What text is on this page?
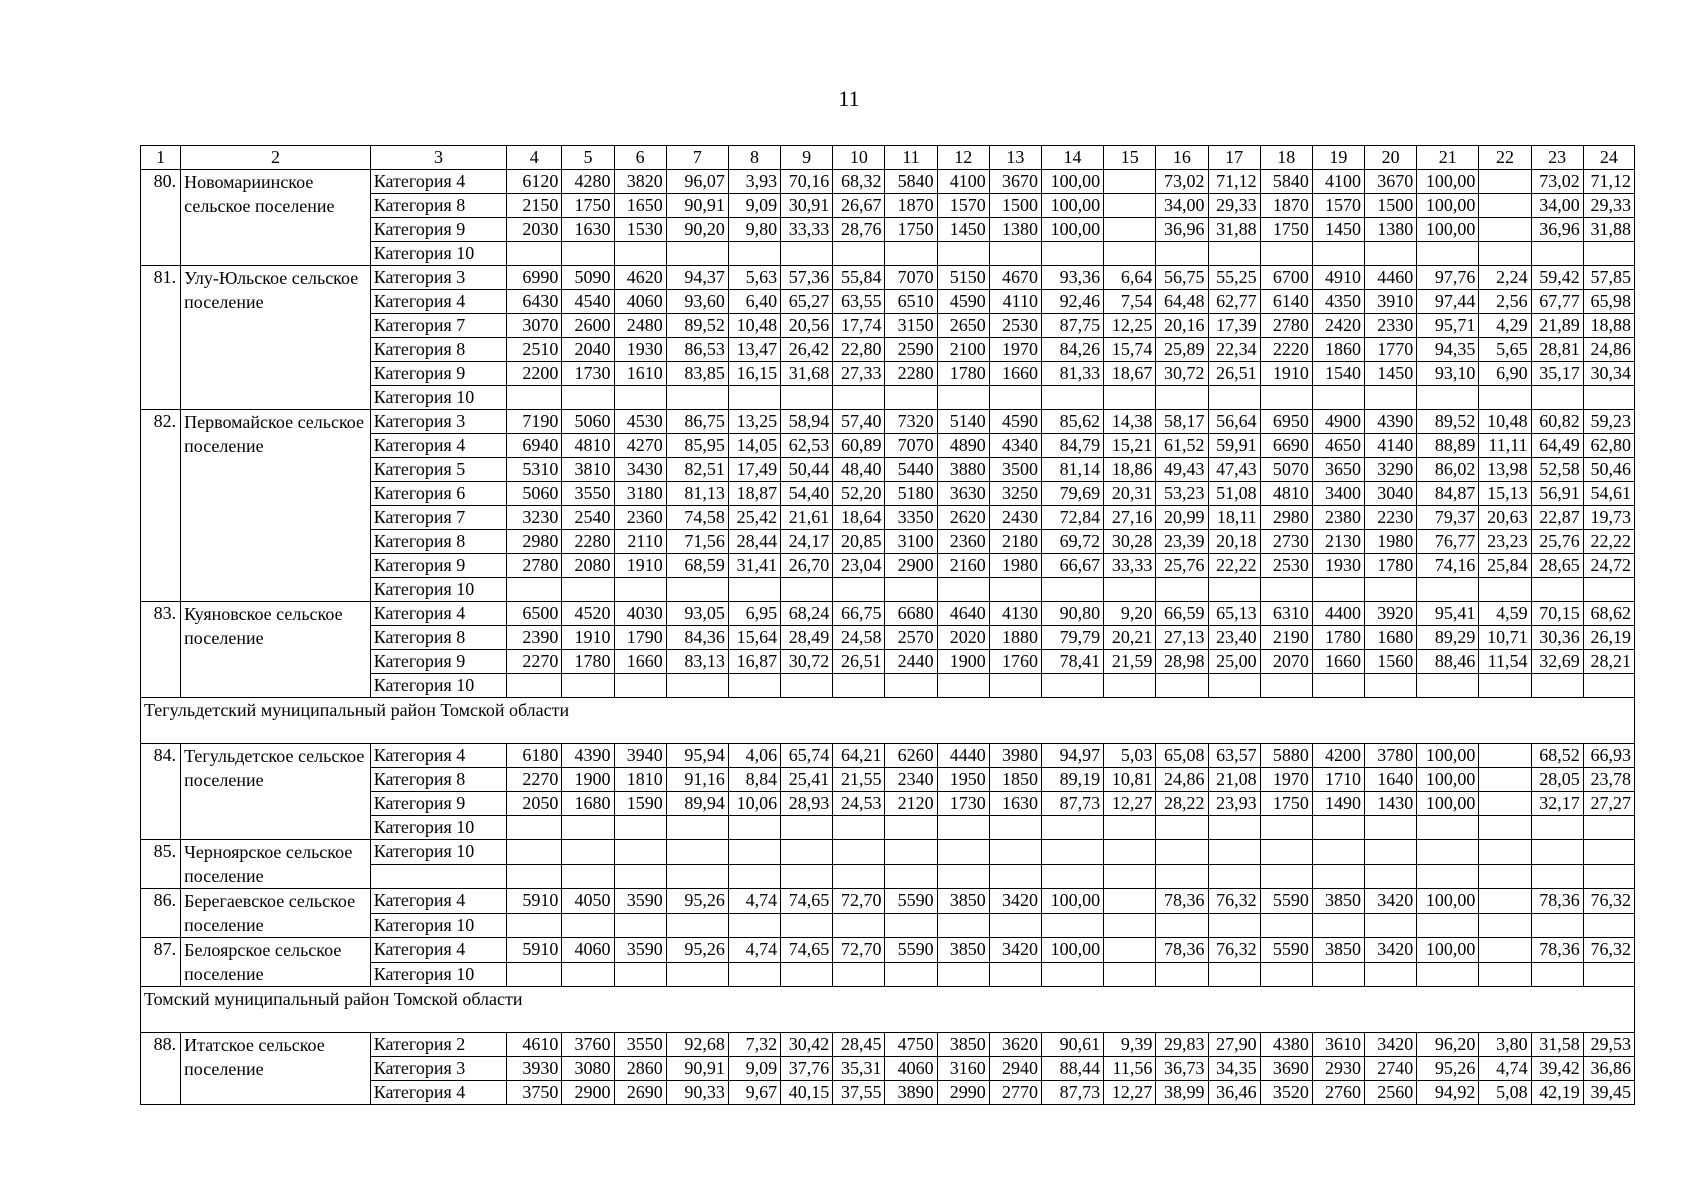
11
1	2	3	4	5	6	7	8	9	10	11	12	13	14	15	16	17	18	19	20	21	22	23	24
80.	Новомариинское сельское поселение	Категория 4	6120	4280	3820	96,07	3,93	70,16	68,32	5840	4100	3670	100,00		73,02	71,12	5840	4100	3670	100,00		73,02	71,12
		Категория 8	2150	1750	1650	90,91	9,09	30,91	26,67	1870	1570	1500	100,00		34,00	29,33	1870	1570	1500	100,00		34,00	29,33
		Категория 9	2030	1630	1530	90,20	9,80	33,33	28,76	1750	1450	1380	100,00		36,96	31,88	1750	1450	1380	100,00		36,96	31,88
		Категория 10																					
81.	Улу-Юльское сельское поселение	Категория 3	6990	5090	4620	94,37	5,63	57,36	55,84	7070	5150	4670	93,36	6,64	56,75	55,25	6700	4910	4460	97,76	2,24	59,42	57,85
		Категория 4	6430	4540	4060	93,60	6,40	65,27	63,55	6510	4590	4110	92,46	7,54	64,48	62,77	6140	4350	3910	97,44	2,56	67,77	65,98
		Категория 7	3070	2600	2480	89,52	10,48	20,56	17,74	3150	2650	2530	87,75	12,25	20,16	17,39	2780	2420	2330	95,71	4,29	21,89	18,88
		Категория 8	2510	2040	1930	86,53	13,47	26,42	22,80	2590	2100	1970	84,26	15,74	25,89	22,34	2220	1860	1770	94,35	5,65	28,81	24,86
		Категория 9	2200	1730	1610	83,85	16,15	31,68	27,33	2280	1780	1660	81,33	18,67	30,72	26,51	1910	1540	1450	93,10	6,90	35,17	30,34
		Категория 10																					
82.	Первомайское сельское поселение	Категория 3	7190	5060	4530	86,75	13,25	58,94	57,40	7320	5140	4590	85,62	14,38	58,17	56,64	6950	4900	4390	89,52	10,48	60,82	59,23
		Категория 4	6940	4810	4270	85,95	14,05	62,53	60,89	7070	4890	4340	84,79	15,21	61,52	59,91	6690	4650	4140	88,89	11,11	64,49	62,80
		Категория 5	5310	3810	3430	82,51	17,49	50,44	48,40	5440	3880	3500	81,14	18,86	49,43	47,43	5070	3650	3290	86,02	13,98	52,58	50,46
		Категория 6	5060	3550	3180	81,13	18,87	54,40	52,20	5180	3630	3250	79,69	20,31	53,23	51,08	4810	3400	3040	84,87	15,13	56,91	54,61
		Категория 7	3230	2540	2360	74,58	25,42	21,61	18,64	3350	2620	2430	72,84	27,16	20,99	18,11	2980	2380	2230	79,37	20,63	22,87	19,73
		Категория 8	2980	2280	2110	71,56	28,44	24,17	20,85	3100	2360	2180	69,72	30,28	23,39	20,18	2730	2130	1980	76,77	23,23	25,76	22,22
		Категория 9	2780	2080	1910	68,59	31,41	26,70	23,04	2900	2160	1980	66,67	33,33	25,76	22,22	2530	1930	1780	74,16	25,84	28,65	24,72
		Категория 10																					
83.	Куяновское сельское поселение	Категория 4	6500	4520	4030	93,05	6,95	68,24	66,75	6680	4640	4130	90,80	9,20	66,59	65,13	6310	4400	3920	95,41	4,59	70,15	68,62
		Категория 8	2390	1910	1790	84,36	15,64	28,49	24,58	2570	2020	1880	79,79	20,21	27,13	23,40	2190	1780	1680	89,29	10,71	30,36	26,19
		Категория 9	2270	1780	1660	83,13	16,87	30,72	26,51	2440	1900	1760	78,41	21,59	28,98	25,00	2070	1660	1560	88,46	11,54	32,69	28,21
		Категория 10																					
Тегульдетский муниципальный район Томской области																							
84.	Тегульдетское сельское поселение	Категория 4	6180	4390	3940	95,94	4,06	65,74	64,21	6260	4440	3980	94,97	5,03	65,08	63,57	5880	4200	3780	100,00		68,52	66,93
		Категория 8	2270	1900	1810	91,16	8,84	25,41	21,55	2340	1950	1850	89,19	10,81	24,86	21,08	1970	1710	1640	100,00		28,05	23,78
		Категория 9	2050	1680	1590	89,94	10,06	28,93	24,53	2120	1730	1630	87,73	12,27	28,22	23,93	1750	1490	1430	100,00		32,17	27,27
		Категория 10																					
85.	Черноярское сельское поселение	Категория 10																					

86.	Берегаевское сельское поселение	Категория 4	5910	4050	3590	95,26	4,74	74,65	72,70	5590	3850	3420	100,00		78,36	76,32	5590	3850	3420	100,00		78,36	76,32
		Категория 10																					
87.	Белоярское сельское поселение	Категория 4	5910	4060	3590	95,26	4,74	74,65	72,70	5590	3850	3420	100,00		78,36	76,32	5590	3850	3420	100,00		78,36	76,32
		Категория 10																					
Томский муниципальный район Томской области																							
88.	Итатское сельское поселение	Категория 2	4610	3760	3550	92,68	7,32	30,42	28,45	4750	3850	3620	90,61	9,39	29,83	27,90	4380	3610	3420	96,20	3,80	31,58	29,53
		Категория 3	3930	3080	2860	90,91	9,09	37,76	35,31	4060	3160	2940	88,44	11,56	36,73	34,35	3690	2930	2740	95,26	4,74	39,42	36,86
		Категория 4	3750	2900	2690	90,33	9,67	40,15	37,55	3890	2990	2770	87,73	12,27	38,99	36,46	3520	2760	2560	94,92	5,08	42,19	39,45
